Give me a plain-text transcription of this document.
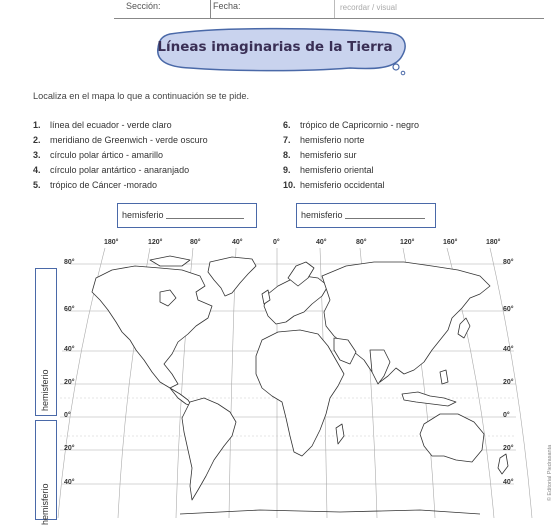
Sección:	Fecha:	recordar / visual
Líneas imaginarias de la Tierra
Localiza en el mapa lo que a continuación se te pide.
1. línea del ecuador - verde claro
2. meridiano de Greenwich - verde oscuro
3. círculo polar ártico - amarillo
4. círculo polar antártico - anaranjado
5. trópico de Cáncer -morado
6. trópico de Capricornio - negro
7. hemisferio norte
8. hemisferio sur
9. hemisferio oriental
10. hemisferio occidental
hemisferio	hemisferio
hemisferio
hemisferio
180°	120°	80°	40°	0°	40°	80°	120°	160°	180°
80°
60°
40°
20°
0°
20°
40°
80°
60°
40°
20°
0°
20°
40°	© Editorial Piedrasanta
